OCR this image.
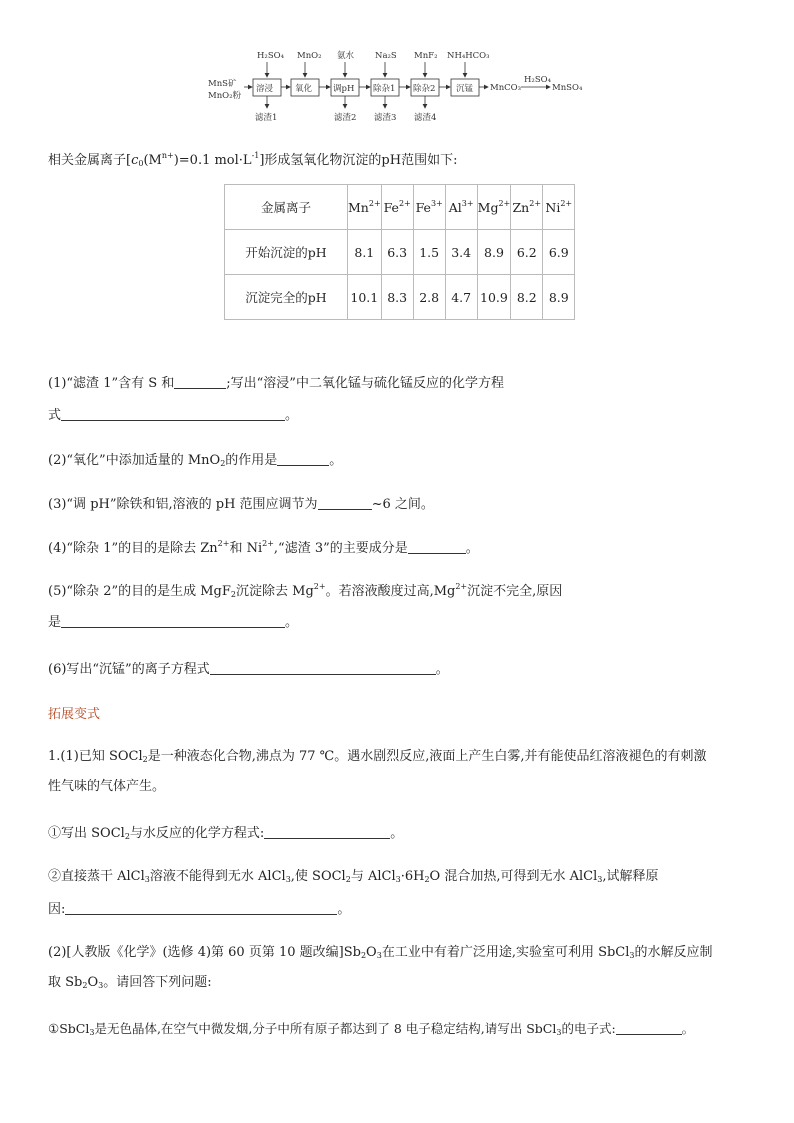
H₂SO₄ MnO₂ 氨水 Na₂S MnF₂ NH₄HCO₃
MnS矿
MnO₂粉
溶浸	氧化 调pH 除杂1 除杂2 沉锰 MnCO₃
H₂SO₄
MnSO₄
滤渣1	滤渣2 滤渣3 滤渣4
相关金属离子[$c_0(M^{n+})=0.1$ $mol\cdot L^{-1}$]形成氢氧化物沉淀的pH范围如下:
金属离子	$Mn^{2+}$	$Fe^{2+}$	$Fe^{3+}$	$Al^{3+}$	$Mg^{2+}$	$Zn^{2+}$	$Ni^{2+}$
开始沉淀的pH	8.1	6.3	1.5	3.4	8.9	6.2	6.9
沉淀完全的pH	10.1	8.3	2.8	4.7	10.9	8.2	8.9
(1)“滤渣 1”含有 S 和	;写出“溶浸”中二氧化锰与硫化锰反应的化学方程
式	。
(2)“氧化”中添加适量的 MnO$_2$的作用是	。
(3)“调 pH”除铁和铝,溶液的 pH 范围应调节为	~6 之间。
(4)“除杂 1”的目的是除去 $Zn^{2+}$和 $Ni^{2+},“$滤渣 3”的主要成分是	。
(5)“除杂 2”的目的是生成 MgF$_2$沉淀除去 $Mg^{2+}$。若溶液酸度过高$,Mg^{2+}$沉淀不完全,原因
是	。
(6)写出“沉锰”的离子方程式	。
拓展变式
1.(1)已知 SOCl$_2$是一种液态化合物,沸点为 77 ℃。遇水剧烈反应,液面上产生白雾,并有能使品红溶液褪色的有刺激
性气味的气体产生。
①写出 SOCl$_2$与水反应的化学方程式:	。
②直接蒸干 AlCl$_3$溶液不能得到无水 AlCl$_3$,使 SOCl$_2$与 $AlCl_3\cdot 6H_2O$ 混合加热,可得到无水 AlCl$_3$,试解释原
因:	。
(2)[人教版《化学》(选修 4)第 60 页第 10 题改编]$Sb_2O_3$在工业中有着广泛用途,实验室可利用 SbCl$_3$的水解反应制
取 $Sb_2O_3$。请回答下列问题:
①SbCl$_3$是无色晶体,在空气中微发烟,分子中所有原子都达到了 8 电子稳定结构,请写出 SbCl$_3$的电子式:	。
